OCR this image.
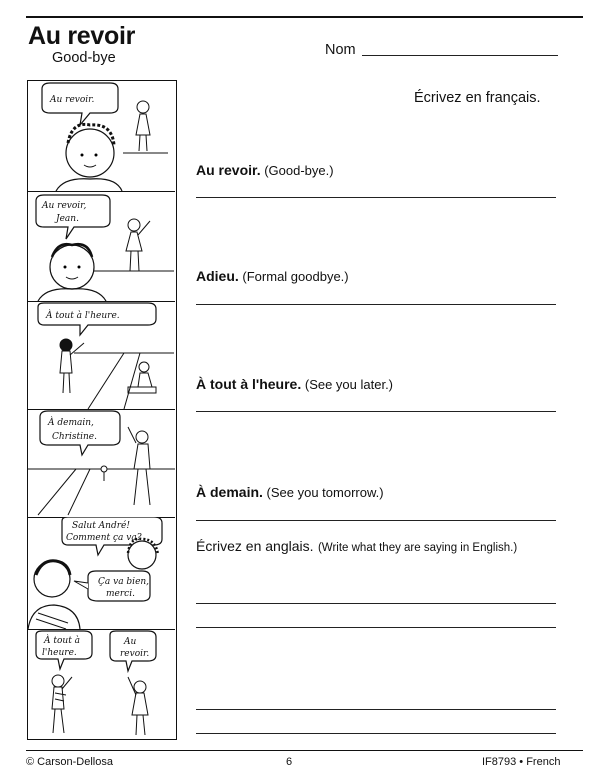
Au revoir
Good-bye	Nom
Écrivez en français.
Au revoir.
Au revoir,
Jean.
À tout à l'heure.
À demain,
Christine.
Salut André!
Comment ça va?
Ça va bien,
merci.
À tout à
l'heure.
Au
revoir.
Au revoir. (Good-bye.)
Adieu. (Formal goodbye.)
À tout à l'heure. (See you later.)
À demain. (See you tomorrow.)
Écrivez en anglais. (Write what they are saying in English.)
© Carson-Dellosa	6	IF8793 • French
